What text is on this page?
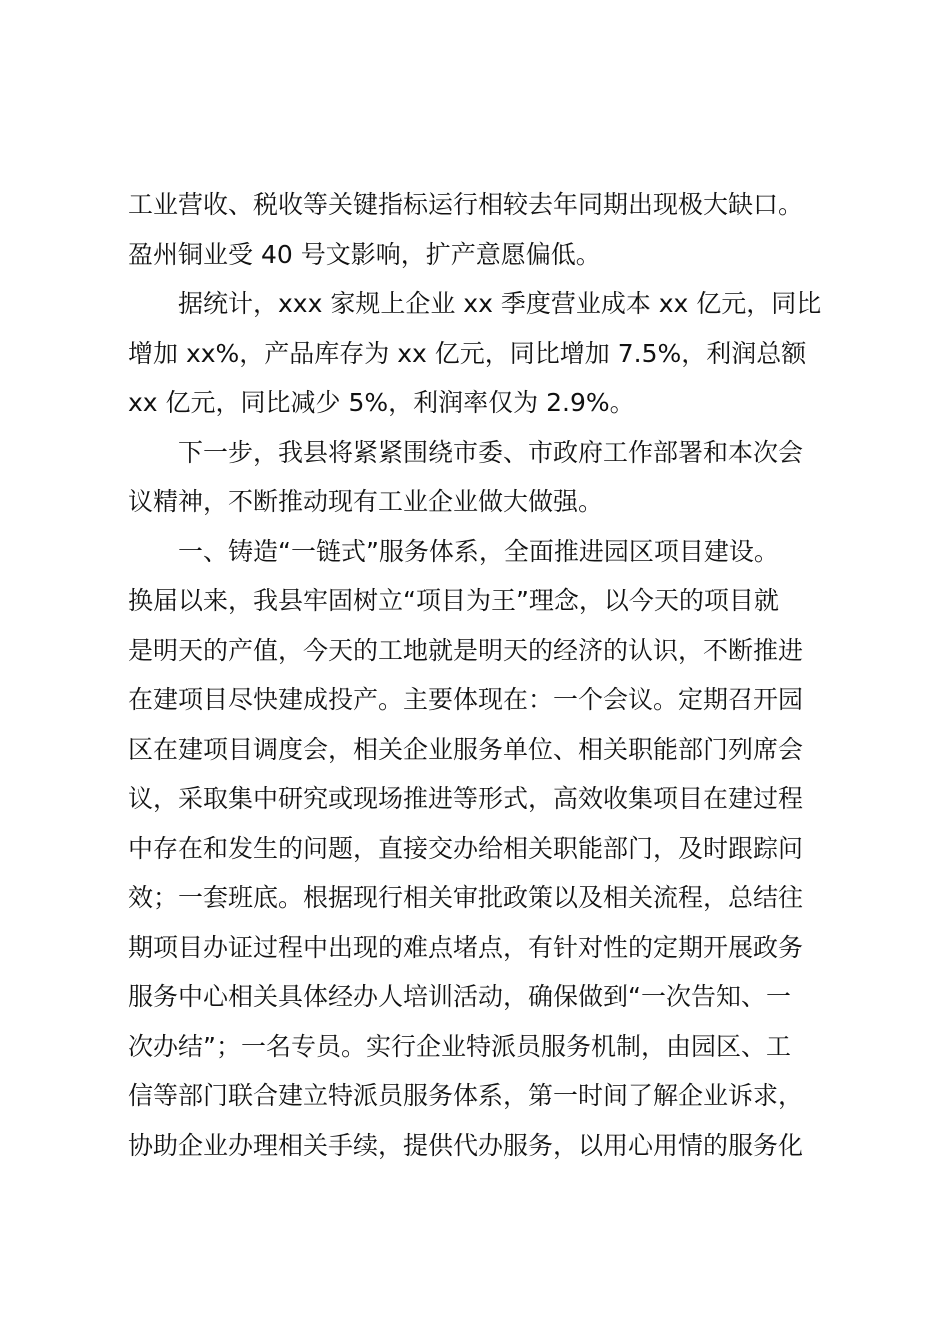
工业营收、税收等关键指标运行相较去年同期出现极大缺口。
盈州铜业受 40 号文影响，扩产意愿偏低。

据统计，xxx 家规上企业 xx 季度营业成本 xx 亿元，同比
增加 xx%，产品库存为 xx 亿元，同比增加 7.5%，利润总额
xx 亿元，同比减少 5%，利润率仅为 2.9%。

下一步，我县将紧紧围绕市委、市政府工作部署和本次会
议精神，不断推动现有工业企业做大做强。

一、铸造“一链式”服务体系，全面推进园区项目建设。
换届以来，我县牢固树立“项目为王”理念，以今天的项目就
是明天的产值，今天的工地就是明天的经济的认识，不断推进
在建项目尽快建成投产。主要体现在：一个会议。定期召开园
区在建项目调度会，相关企业服务单位、相关职能部门列席会
议，采取集中研究或现场推进等形式，高效收集项目在建过程
中存在和发生的问题，直接交办给相关职能部门，及时跟踪问
效；一套班底。根据现行相关审批政策以及相关流程，总结往
期项目办证过程中出现的难点堵点，有针对性的定期开展政务
服务中心相关具体经办人培训活动，确保做到“一次告知、一
次办结”；一名专员。实行企业特派员服务机制，由园区、工
信等部门联合建立特派员服务体系，第一时间了解企业诉求，
协助企业办理相关手续，提供代办服务，以用心用情的服务化
